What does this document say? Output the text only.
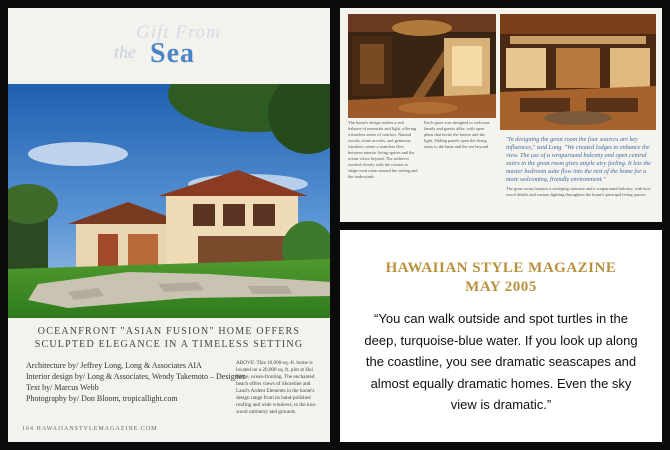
Gift From
the Sea
OCEANFRONT "ASIAN FUSION" HOME OFFERS
SCULPTED ELEGANCE IN A TIMELESS SETTING
Architecture by/ Jeffrey Long, Long & Associates AIA
Interior design by/ Long & Associates, Wendy Takemoto – Designer
Text by/ Marcus Webb
Photography by/ Don Bloom, tropicallight.com
ABOVE: This 10,000-sq.-ft. home is located on a 20,000 sq. ft. plot at Hui Ridge, ocean-fronting. The enchanted beach offers views of Shoreline and Land's Ardent Elements in the home's design range from its hand-polished roofing and wide windows, to the koa-wood cabinetry and grounds.
104 HAWAIIANSTYLEMAGAZINE.COM
The home's design strikes a rich balance of materials and light, offering a timeless sense of comfort. Natural woods, stone accents, and generous windows create a seamless flow between interior living spaces and the ocean views beyond. The architect worked closely with the owners to shape each room around the setting and the tradewinds.
Each space was designed to welcome family and guests alike, with open plans that invite the breeze and the light. Sliding panels open the living areas to the lanai and the sea beyond.
"In designing the great room the four sources are key influences," said Long. "We created lodges to enhance the view. The use of a wraparound balcony and open central stairs in the great room gives ample airy feeling. It lets the master bedroom suite flow into the rest of the home for a more welcoming, friendly environment."
The great room features a sweeping staircase and a wraparound balcony, with koa-wood details and custom lighting throughout the home's principal living spaces.
HAWAIIAN STYLE MAGAZINE
MAY 2005
“You can walk outside and spot turtles in the deep, turquoise-blue water. If you look up along the coastline, you see dramatic seascapes and almost equally dramatic homes. Even the sky view is dramatic.”
